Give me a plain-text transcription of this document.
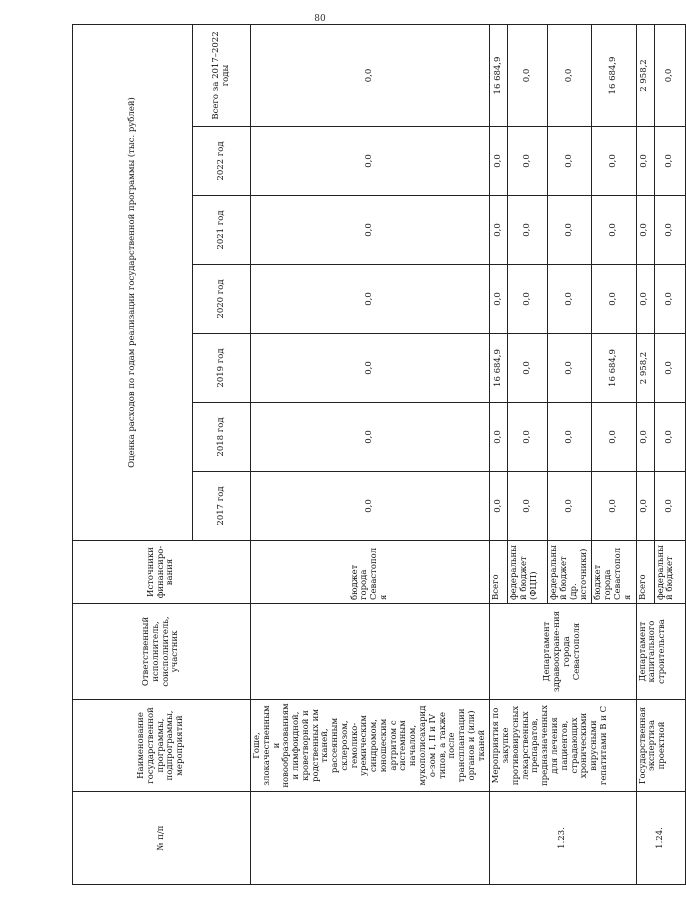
80
№ п/п	Наименование государственной программы, подпрограммы, мероприятий	Ответственный исполнитель, соисполнитель, участник	Источники финансиро-вания	Оценка расходов по годам реализации государственной программы (тыс. рублей)						
				2017 год	2018 год	2019 год	2020 год	2021 год	2022 год	Всего за 2017–2022 годы
	Гоше, злокачественными новообразованиями лимфоидной, кроветворной и родственных им тканей, рассеянным склерозом, гемолико-уремическим синдромом, юношеским артритом с системным началом, мукополисахаридо-зом I, II и IV типов, а также после трансплантации органов и (или) тканей		бюджет города Севастополя	0,0	0,0	0,0	0,0	0,0	0,0	0,0
1.23.	Мероприятия по закупке противовирусных лекарственных препаратов, предназначенных для лечения пациентов, страдающих хроническими вирусными гепатитами В и С	Департамент здравоохране-ния города Севастополя	Всего	0,0	0,0	16 684,9	0,0	0,0	0,0	16 684,9
			федеральный бюджет (ФЦП)	0,0	0,0	0,0	0,0	0,0	0,0	0,0
			федеральный бюджет (др. источники)	0,0	0,0	0,0	0,0	0,0	0,0	0,0
			бюджет города Севастополя	0,0	0,0	16 684,9	0,0	0,0	0,0	16 684,9
1.24.	Государственная экспертиза проектной	Департамент капитального строительства	Всего	0,0	0,0	2 958,2	0,0	0,0	0,0	2 958,2
			федеральный бюджет	0,0	0,0	0,0	0,0	0,0	0,0	0,0
